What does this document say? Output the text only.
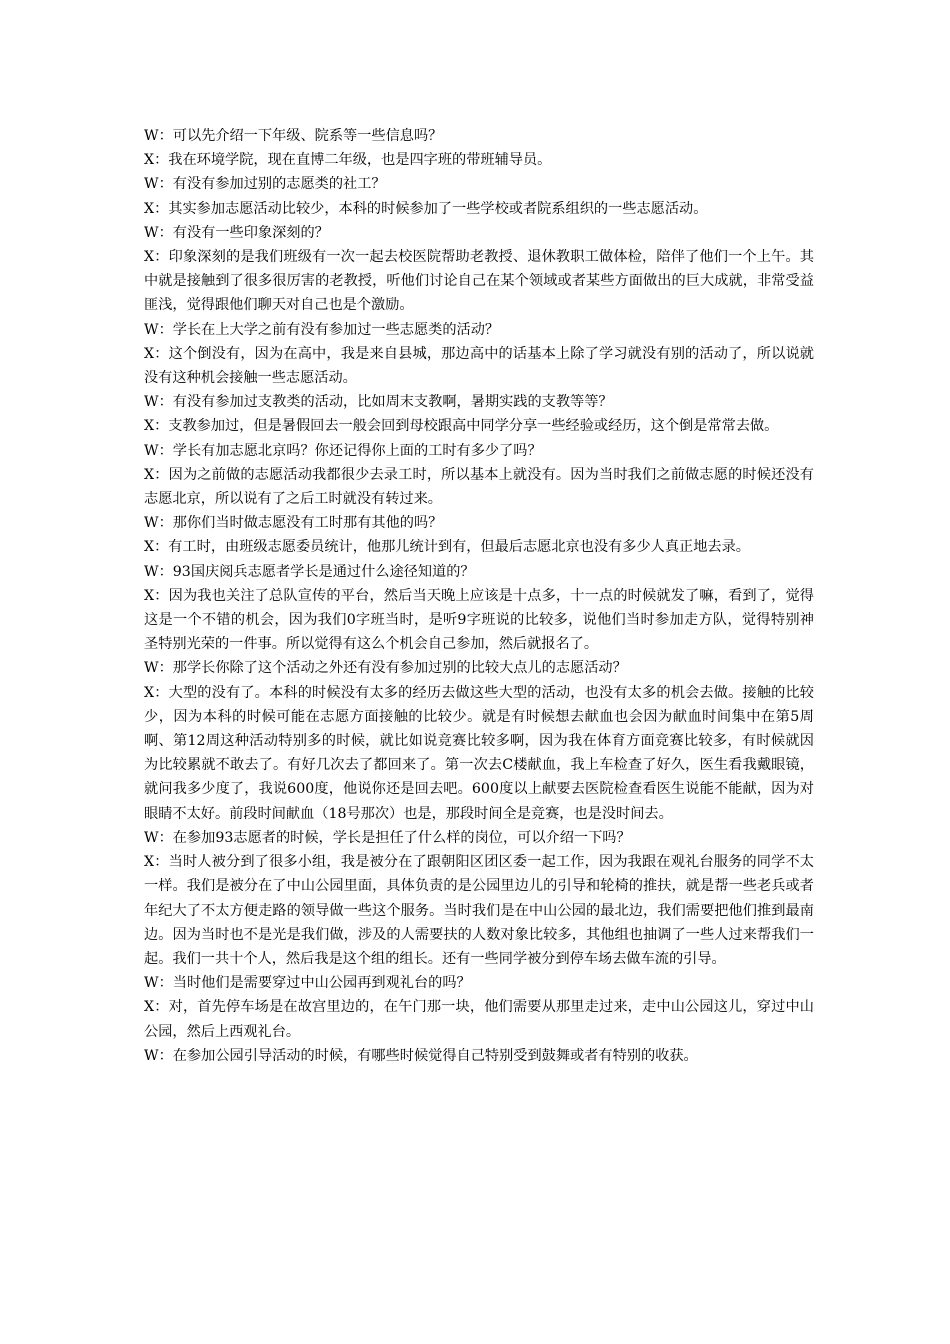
W：可以先介绍一下年级、院系等一些信息吗？

X：我在环境学院，现在直博二年级，也是四字班的带班辅导员。

W：有没有参加过别的志愿类的社工？

X：其实参加志愿活动比较少，本科的时候参加了一些学校或者院系组织的一些志愿活动。

W：有没有一些印象深刻的？

X：印象深刻的是我们班级有一次一起去校医院帮助老教授、退休教职工做体检，陪伴了他们一个上午。其中就是接触到了很多很厉害的老教授，听他们讨论自己在某个领域或者某些方面做出的巨大成就，非常受益匪浅，觉得跟他们聊天对自己也是个激励。

W：学长在上大学之前有没有参加过一些志愿类的活动？

X：这个倒没有，因为在高中，我是来自县城，那边高中的话基本上除了学习就没有别的活动了，所以说就没有这种机会接触一些志愿活动。

W：有没有参加过支教类的活动，比如周末支教啊，暑期实践的支教等等？

X：支教参加过，但是暑假回去一般会回到母校跟高中同学分享一些经验或经历，这个倒是常常去做。

W：学长有加志愿北京吗？你还记得你上面的工时有多少了吗？

X：因为之前做的志愿活动我都很少去录工时，所以基本上就没有。因为当时我们之前做志愿的时候还没有志愿北京，所以说有了之后工时就没有转过来。

W：那你们当时做志愿没有工时那有其他的吗？

X：有工时，由班级志愿委员统计，他那儿统计到有，但最后志愿北京也没有多少人真正地去录。

W：93国庆阅兵志愿者学长是通过什么途径知道的？

X：因为我也关注了总队宣传的平台，然后当天晚上应该是十点多，十一点的时候就发了嘛，看到了，觉得这是一个不错的机会，因为我们0字班当时，是听9字班说的比较多，说他们当时参加走方队，觉得特别神圣特别光荣的一件事。所以觉得有这么个机会自己参加，然后就报名了。

W：那学长你除了这个活动之外还有没有参加过别的比较大点儿的志愿活动？

X：大型的没有了。本科的时候没有太多的经历去做这些大型的活动，也没有太多的机会去做。接触的比较少，因为本科的时候可能在志愿方面接触的比较少。就是有时候想去献血也会因为献血时间集中在第5周啊、第12周这种活动特别多的时候，就比如说竞赛比较多啊，因为我在体育方面竞赛比较多，有时候就因为比较累就不敢去了。有好几次去了都回来了。第一次去C楼献血，我上车检查了好久，医生看我戴眼镜，就问我多少度了，我说600度，他说你还是回去吧。600度以上献要去医院检查看医生说能不能献，因为对眼睛不太好。前段时间献血（18号那次）也是，那段时间全是竞赛，也是没时间去。

W：在参加93志愿者的时候，学长是担任了什么样的岗位，可以介绍一下吗？

X：当时人被分到了很多小组，我是被分在了跟朝阳区团区委一起工作，因为我跟在观礼台服务的同学不太一样。我们是被分在了中山公园里面，具体负责的是公园里边儿的引导和轮椅的推扶，就是帮一些老兵或者年纪大了不太方便走路的领导做一些这个服务。当时我们是在中山公园的最北边，我们需要把他们推到最南边。因为当时也不是光是我们做，涉及的人需要扶的人数对象比较多，其他组也抽调了一些人过来帮我们一起。我们一共十个人，然后我是这个组的组长。还有一些同学被分到停车场去做车流的引导。

W：当时他们是需要穿过中山公园再到观礼台的吗？

X：对，首先停车场是在故宫里边的，在午门那一块，他们需要从那里走过来，走中山公园这儿，穿过中山公园，然后上西观礼台。

W：在参加公园引导活动的时候，有哪些时候觉得自己特别受到鼓舞或者有特别的收获。
